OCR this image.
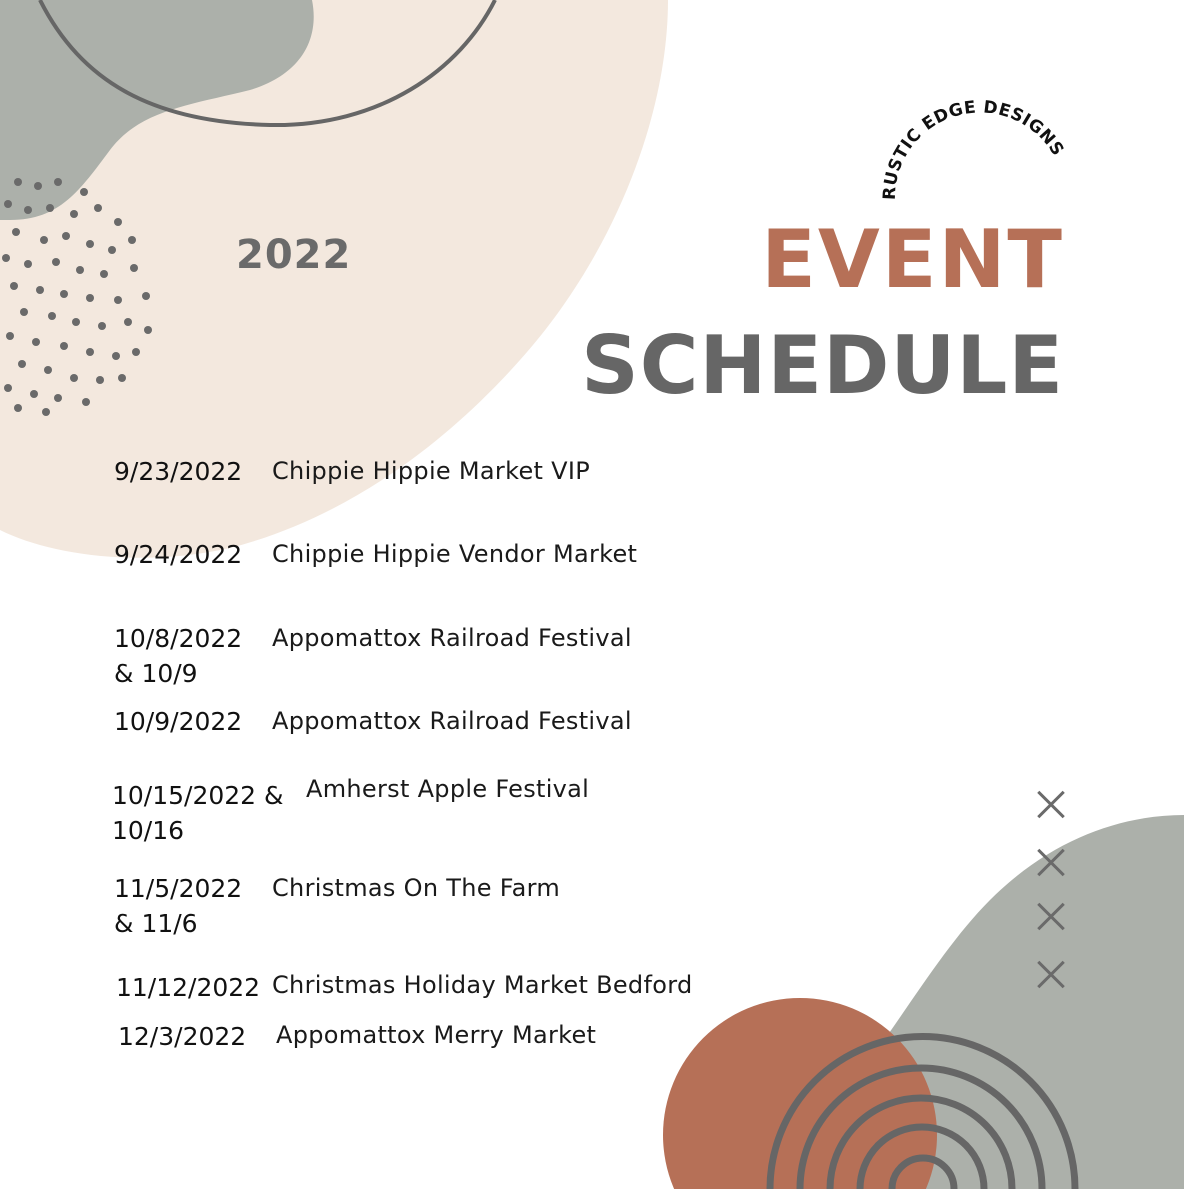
RUSTIC EDGE DESIGNS
2022	EVENT
SCHEDULE
9/23/2022 Chippie Hippie Market VIP
9/24/2022 Chippie Hippie Vendor Market
10/8/2022
& 10/9
Appomattox Railroad Festival
10/9/2022 Appomattox Railroad Festival
10/15/2022 &
10/16
Amherst Apple Festival
11/5/2022
& 11/6
Christmas On The Farm
11/12/2022 Christmas Holiday Market Bedford
12/3/2022 Appomattox Merry Market
